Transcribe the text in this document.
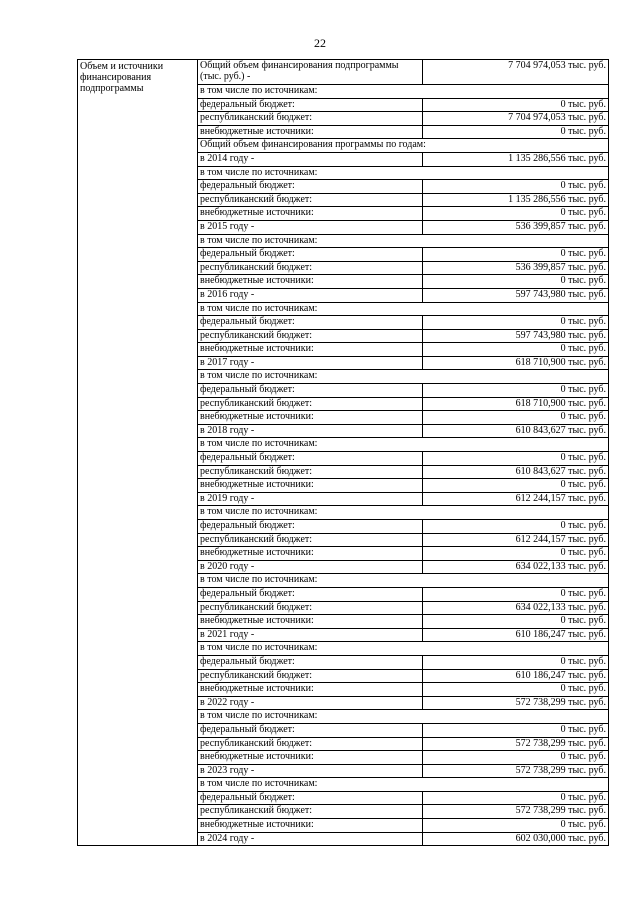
22
Объем и источники финансирования подпрограммы	Общий объем финансирования подпрограммы (тыс. руб.) -	7 704 974,053 тыс. руб.
	в том числе по источникам:	
	федеральный бюджет:	0 тыс. руб.
	республиканский бюджет:	7 704 974,053 тыс. руб.
	внебюджетные источники:	0 тыс. руб.
	Общий объем финансирования программы по годам:	
	в 2014 году -	1 135 286,556 тыс. руб.
	в том числе по источникам:	
	федеральный бюджет:	0 тыс. руб.
	республиканский бюджет:	1 135 286,556 тыс. руб.
	внебюджетные источники:	0 тыс. руб.
	в 2015 году -	536 399,857 тыс. руб.
	в том числе по источникам:	
	федеральный бюджет:	0 тыс. руб.
	республиканский бюджет:	536 399,857 тыс. руб.
	внебюджетные источники:	0 тыс. руб.
	в 2016 году -	597 743,980 тыс. руб.
	в том числе по источникам:	
	федеральный бюджет:	0 тыс. руб.
	республиканский бюджет:	597 743,980 тыс. руб.
	внебюджетные источники:	0 тыс. руб.
	в 2017 году -	618 710,900 тыс. руб.
	в том числе по источникам:	
	федеральный бюджет:	0 тыс. руб.
	республиканский бюджет:	618 710,900 тыс. руб.
	внебюджетные источники:	0 тыс. руб.
	в 2018 году -	610 843,627 тыс. руб.
	в том числе по источникам:	
	федеральный бюджет:	0 тыс. руб.
	республиканский бюджет:	610 843,627 тыс. руб.
	внебюджетные источники:	0 тыс. руб.
	в 2019 году -	612 244,157 тыс. руб.
	в том числе по источникам:	
	федеральный бюджет:	0 тыс. руб.
	республиканский бюджет:	612 244,157 тыс. руб.
	внебюджетные источники:	0 тыс. руб.
	в 2020 году -	634 022,133 тыс. руб.
	в том числе по источникам:	
	федеральный бюджет:	0 тыс. руб.
	республиканский бюджет:	634 022,133 тыс. руб.
	внебюджетные источники:	0 тыс. руб.
	в 2021 году -	610 186,247 тыс. руб.
	в том числе по источникам:	
	федеральный бюджет:	0 тыс. руб.
	республиканский бюджет:	610 186,247 тыс. руб.
	внебюджетные источники:	0 тыс. руб.
	в 2022 году -	572 738,299 тыс. руб.
	в том числе по источникам:	
	федеральный бюджет:	0 тыс. руб.
	республиканский бюджет:	572 738,299 тыс. руб.
	внебюджетные источники:	0 тыс. руб.
	в 2023 году -	572 738,299 тыс. руб.
	в том числе по источникам:	
	федеральный бюджет:	0 тыс. руб.
	республиканский бюджет:	572 738,299 тыс. руб.
	внебюджетные источники:	0 тыс. руб.
	в 2024 году -	602 030,000 тыс. руб.
